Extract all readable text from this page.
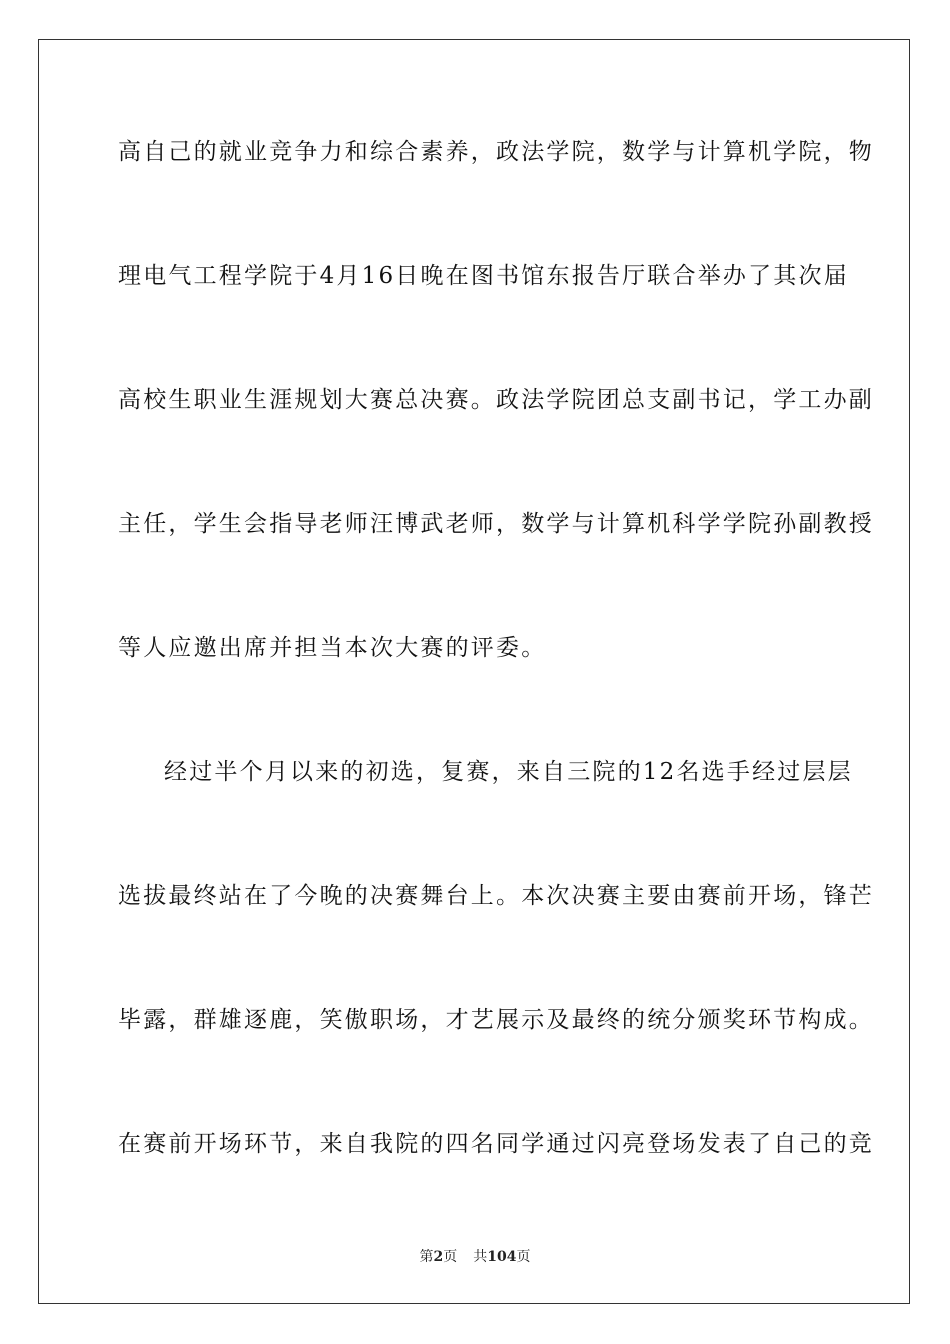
高自己的就业竞争力和综合素养，政法学院，数学与计算机学院，物
理电气工程学院于4月16日晚在图书馆东报告厅联合举办了其次届
高校生职业生涯规划大赛总决赛。政法学院团总支副书记，学工办副
主任，学生会指导老师汪博武老师，数学与计算机科学学院孙副教授
等人应邀出席并担当本次大赛的评委。
经过半个月以来的初选，复赛，来自三院的12名选手经过层层
选拔最终站在了今晚的决赛舞台上。本次决赛主要由赛前开场，锋芒
毕露，群雄逐鹿，笑傲职场，才艺展示及最终的统分颁奖环节构成。
在赛前开场环节，来自我院的四名同学通过闪亮登场发表了自己的竞
第2页 共104页
